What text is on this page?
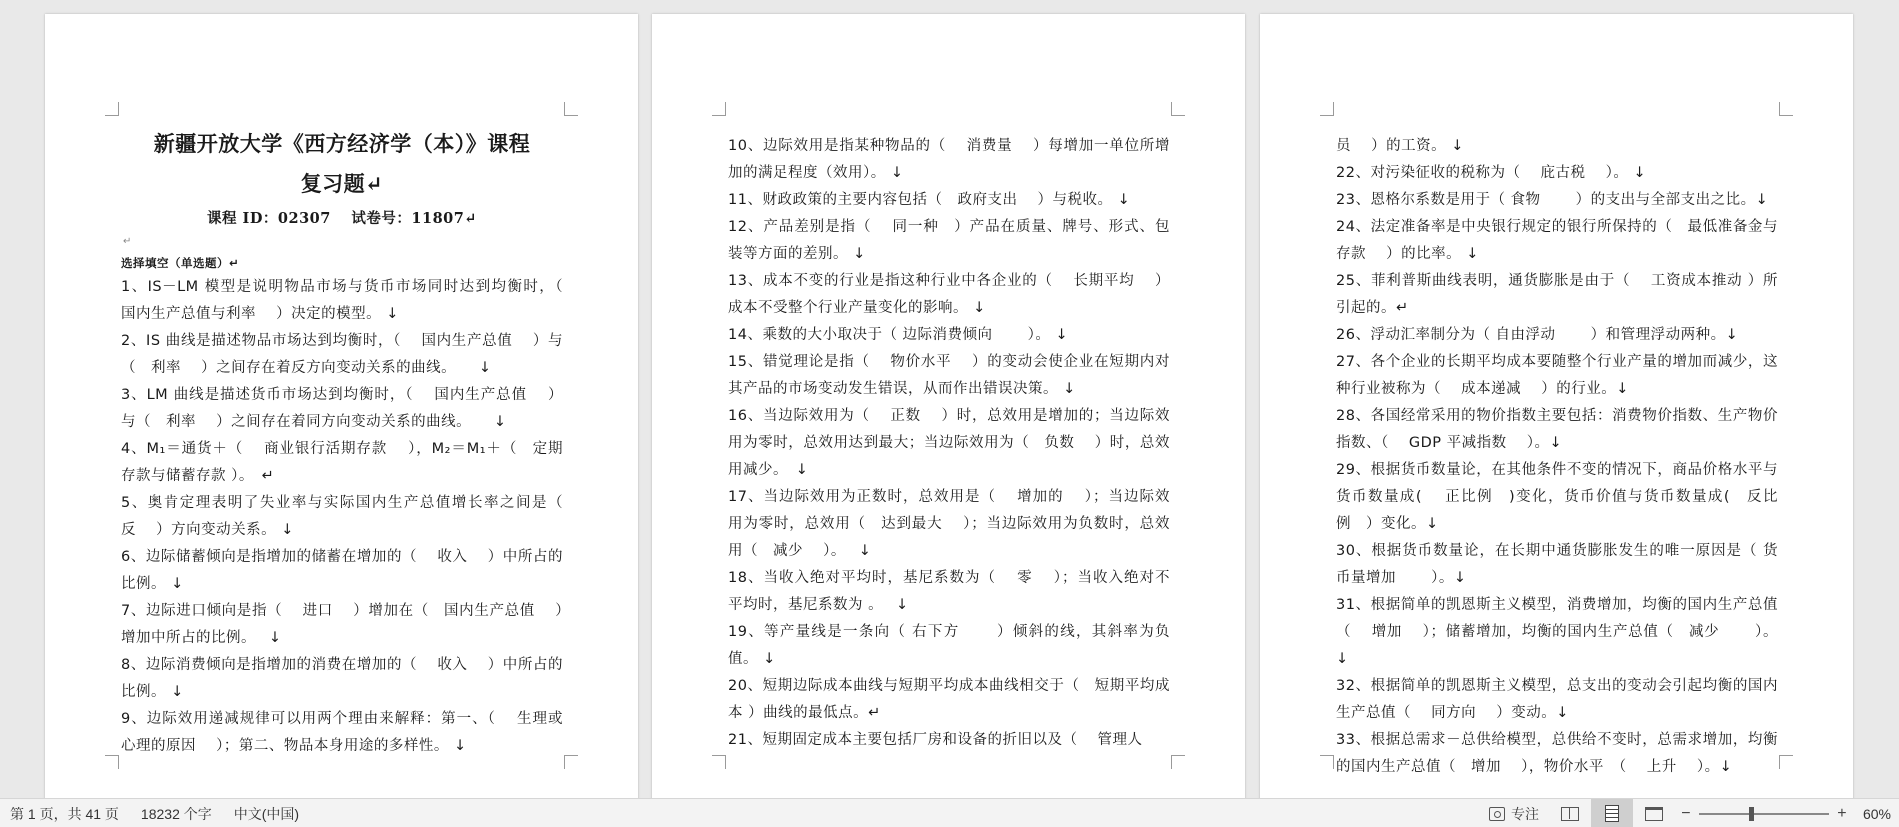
新疆开放大学《西方经济学（本）》课程
复习题↵
课程 ID：02307　 试卷号：11807↵
↵
选择填空（单选题）↵
1、IS－LM 模型是说明物品市场与货币市场同时达到均衡时，（　国内生产总值与利率　 ）决定的模型。 ↓
2、IS 曲线是描述物品市场达到均衡时，（　 国内生产总值　 ）与（　利率　 ）之间存在着反方向变动关系的曲线。　　↓
3、LM 曲线是描述货币市场达到均衡时，（　 国内生产总值　 ）与（　利率　 ）之间存在着同方向变动关系的曲线。　　↓
4、M₁＝通货＋（　 商业银行活期存款　 ），M₂＝M₁＋（　定期存款与储蓄存款 ）。　↵
5、奥肯定理表明了失业率与实际国内生产总值增长率之间是（　反　 ）方向变动关系。 ↓
6、边际储蓄倾向是指增加的储蓄在增加的（　 收入　 ）中所占的比例。 ↓
7、边际进口倾向是指（　 进口　 ）增加在（　国内生产总值　 ）增加中所占的比例。　 ↓
8、边际消费倾向是指增加的消费在增加的（　 收入　 ）中所占的比例。 ↓
9、边际效用递减规律可以用两个理由来解释：第一、（　 生理或心理的原因　 ）；第二、物品本身用途的多样性。 ↓
10、边际效用是指某种物品的（　 消费量　 ）每增加一单位所增加的满足程度（效用）。 ↓
11、财政政策的主要内容包括（　政府支出　 ）与税收。 ↓
12、产品差别是指（　 同一种　）产品在质量、牌号、形式、包装等方面的差别。 ↓
13、成本不变的行业是指这种行业中各企业的（　 长期平均　 ）成本不受整个行业产量变化的影响。 ↓
14、乘数的大小取决于（ 边际消费倾向　　 ）。 ↓
15、错觉理论是指（　 物价水平　 ）的变动会使企业在短期内对其产品的市场变动发生错误，从而作出错误决策。 ↓
16、当边际效用为（　 正数　 ）时，总效用是增加的；当边际效用为零时，总效用达到最大；当边际效用为（　负数　 ）时，总效用减少。　↓
17、当边际效用为正数时，总效用是（　 增加的　 ）；当边际效用为零时，总效用（　达到最大　 ）；当边际效用为负数时，总效用（　减少　 ）。　 ↓
18、当收入绝对平均时，基尼系数为（　 零　 ）；当收入绝对不平均时，基尼系数为 。　 ↓
19、等产量线是一条向（ 右下方　　 ）倾斜的线，其斜率为负值。 ↓
20、短期边际成本曲线与短期平均成本曲线相交于（　短期平均成本 ）曲线的最低点。↵
21、短期固定成本主要包括厂房和设备的折旧以及（　 管理人
员　 ）的工资。 ↓
22、对污染征收的税称为（　 庇古税　 ）。 ↓
23、恩格尔系数是用于（ 食物　　 ）的支出与全部支出之比。↓
24、法定准备率是中央银行规定的银行所保持的（　最低准备金与存款　 ）的比率。 ↓
25、菲利普斯曲线表明，通货膨胀是由于（　 工资成本推动 ）所引起的。↵
26、浮动汇率制分为（ 自由浮动　　 ）和管理浮动两种。↓
27、各个企业的长期平均成本要随整个行业产量的增加而减少，这种行业被称为（　 成本递减　 ）的行业。↓
28、各国经常采用的物价指数主要包括：消费物价指数、生产物价指数、（　 GDP 平减指数　 ）。↓
29、根据货币数量论，在其他条件不变的情况下，商品价格水平与货币数量成(　 正比例　)变化，货币价值与货币数量成(　反比例　）变化。↓
30、根据货币数量论，在长期中通货膨胀发生的唯一原因是（ 货币量增加　　 ）。↓
31、根据简单的凯恩斯主义模型，消费增加，均衡的国内生产总值（　 增加　 ）；储蓄增加，均衡的国内生产总值（　减少　　 ）。 ↓
32、根据简单的凯恩斯主义模型，总支出的变动会引起均衡的国内生产总值（　 同方向　 ）变动。↓
33、根据总需求－总供给模型，总供给不变时，总需求增加，均衡的国内生产总值（　增加　 ），物价水平　（　 上升　 ）。↓
第 1 页，共 41 页 18232 个字 中文(中国)	专注	−	+	60%
